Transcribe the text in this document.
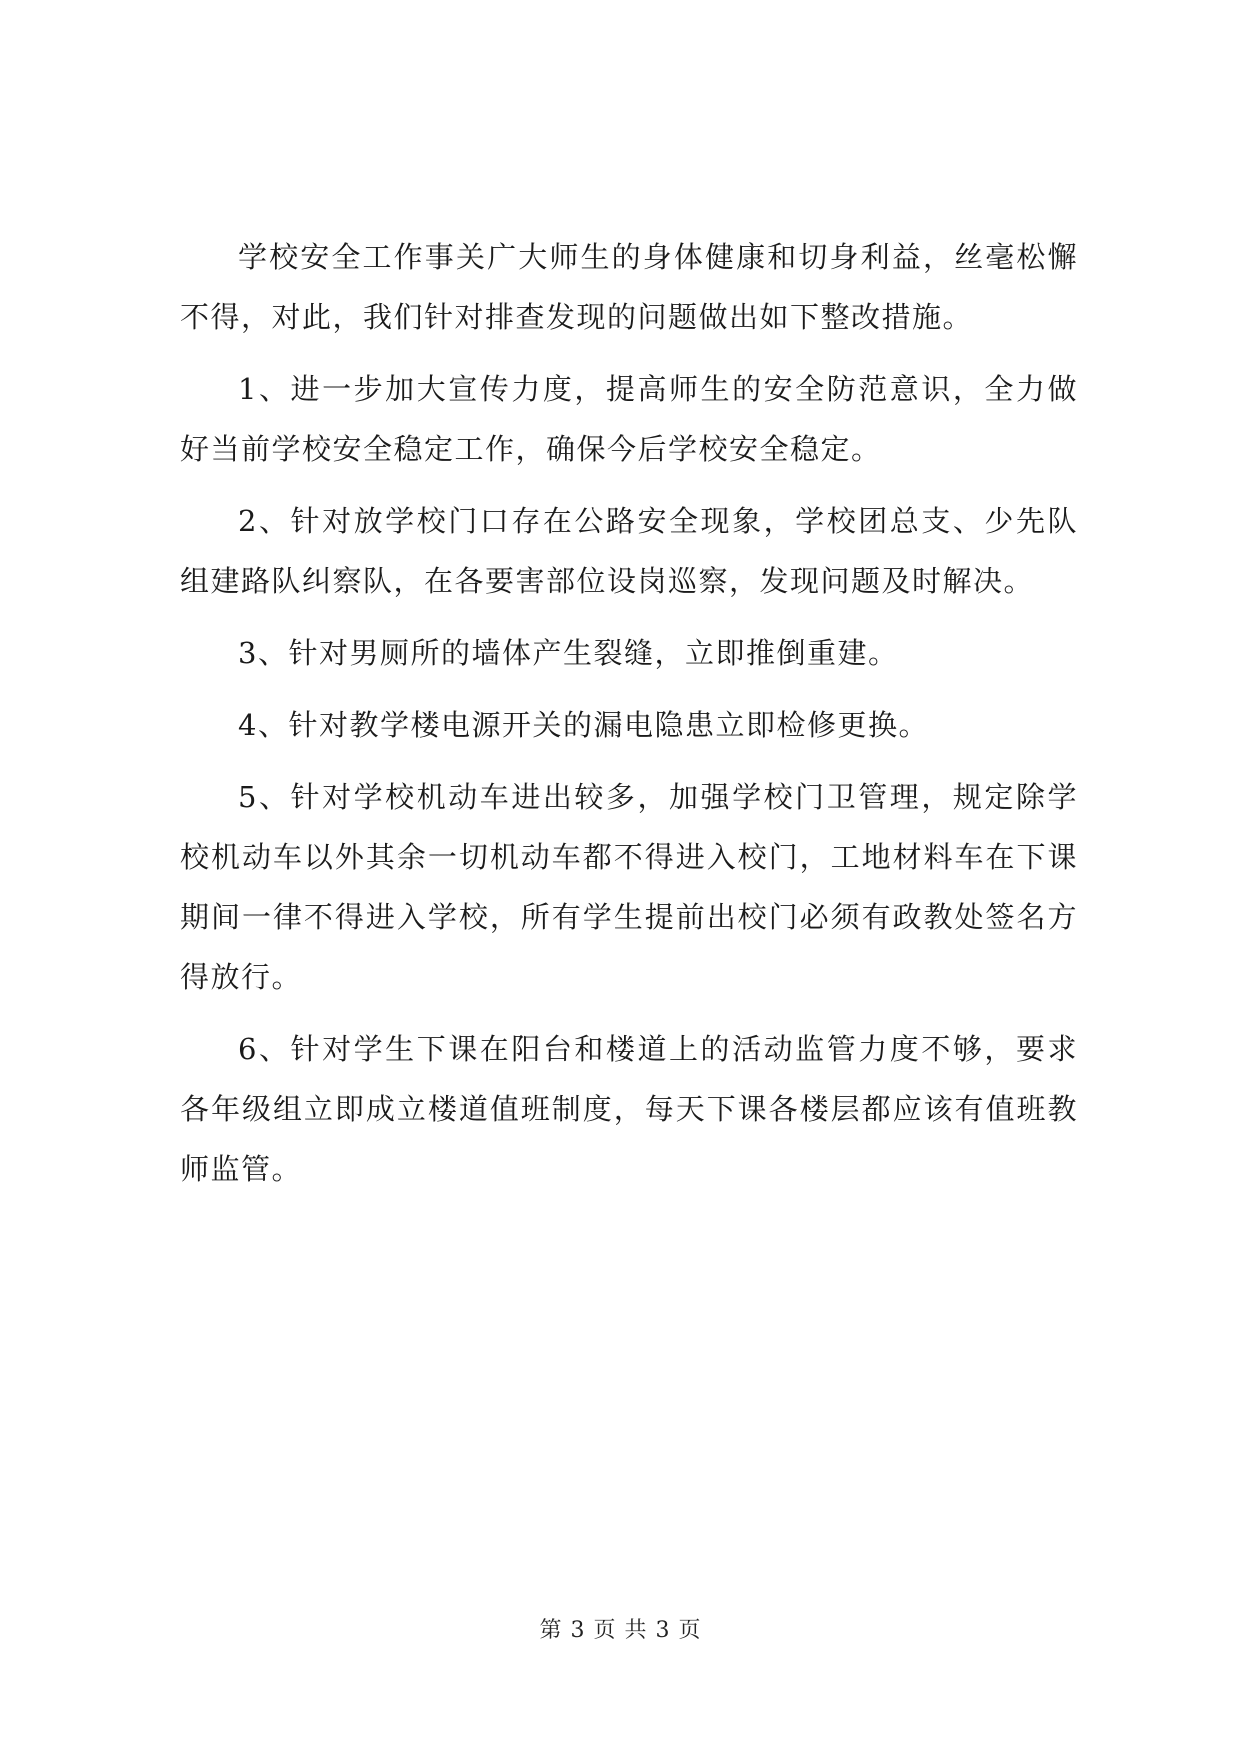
学校安全工作事关广大师生的身体健康和切身利益，丝毫松懈不得，对此，我们针对排查发现的问题做出如下整改措施。

1、进一步加大宣传力度，提高师生的安全防范意识，全力做好当前学校安全稳定工作，确保今后学校安全稳定。

2、针对放学校门口存在公路安全现象，学校团总支、少先队组建路队纠察队，在各要害部位设岗巡察，发现问题及时解决。

3、针对男厕所的墙体产生裂缝，立即推倒重建。

4、针对教学楼电源开关的漏电隐患立即检修更换。

5、针对学校机动车进出较多，加强学校门卫管理，规定除学校机动车以外其余一切机动车都不得进入校门，工地材料车在下课期间一律不得进入学校，所有学生提前出校门必须有政教处签名方得放行。

6、针对学生下课在阳台和楼道上的活动监管力度不够，要求各年级组立即成立楼道值班制度，每天下课各楼层都应该有值班教师监管。

第 3 页 共 3 页
